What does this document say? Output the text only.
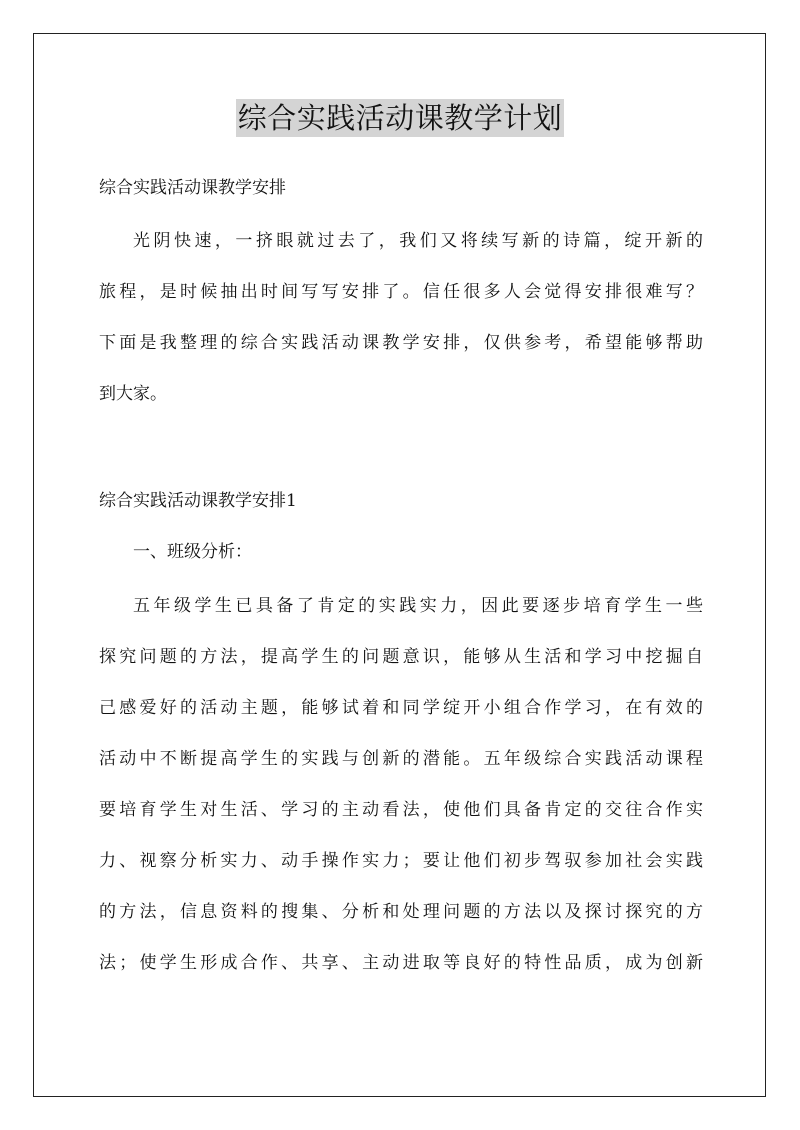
综合实践活动课教学计划
综合实践活动课教学安排
光阴快速，一挤眼就过去了，我们又将续写新的诗篇，绽开新的
旅程，是时候抽出时间写写安排了。信任很多人会觉得安排很难写？
下面是我整理的综合实践活动课教学安排，仅供参考，希望能够帮助
到大家。
综合实践活动课教学安排1
一、班级分析：
五年级学生已具备了肯定的实践实力，因此要逐步培育学生一些
探究问题的方法，提高学生的问题意识，能够从生活和学习中挖掘自
己感爱好的活动主题，能够试着和同学绽开小组合作学习，在有效的
活动中不断提高学生的实践与创新的潜能。五年级综合实践活动课程
要培育学生对生活、学习的主动看法，使他们具备肯定的交往合作实
力、视察分析实力、动手操作实力；要让他们初步驾驭参加社会实践
的方法，信息资料的搜集、分析和处理问题的方法以及探讨探究的方
法；使学生形成合作、共享、主动进取等良好的特性品质，成为创新
